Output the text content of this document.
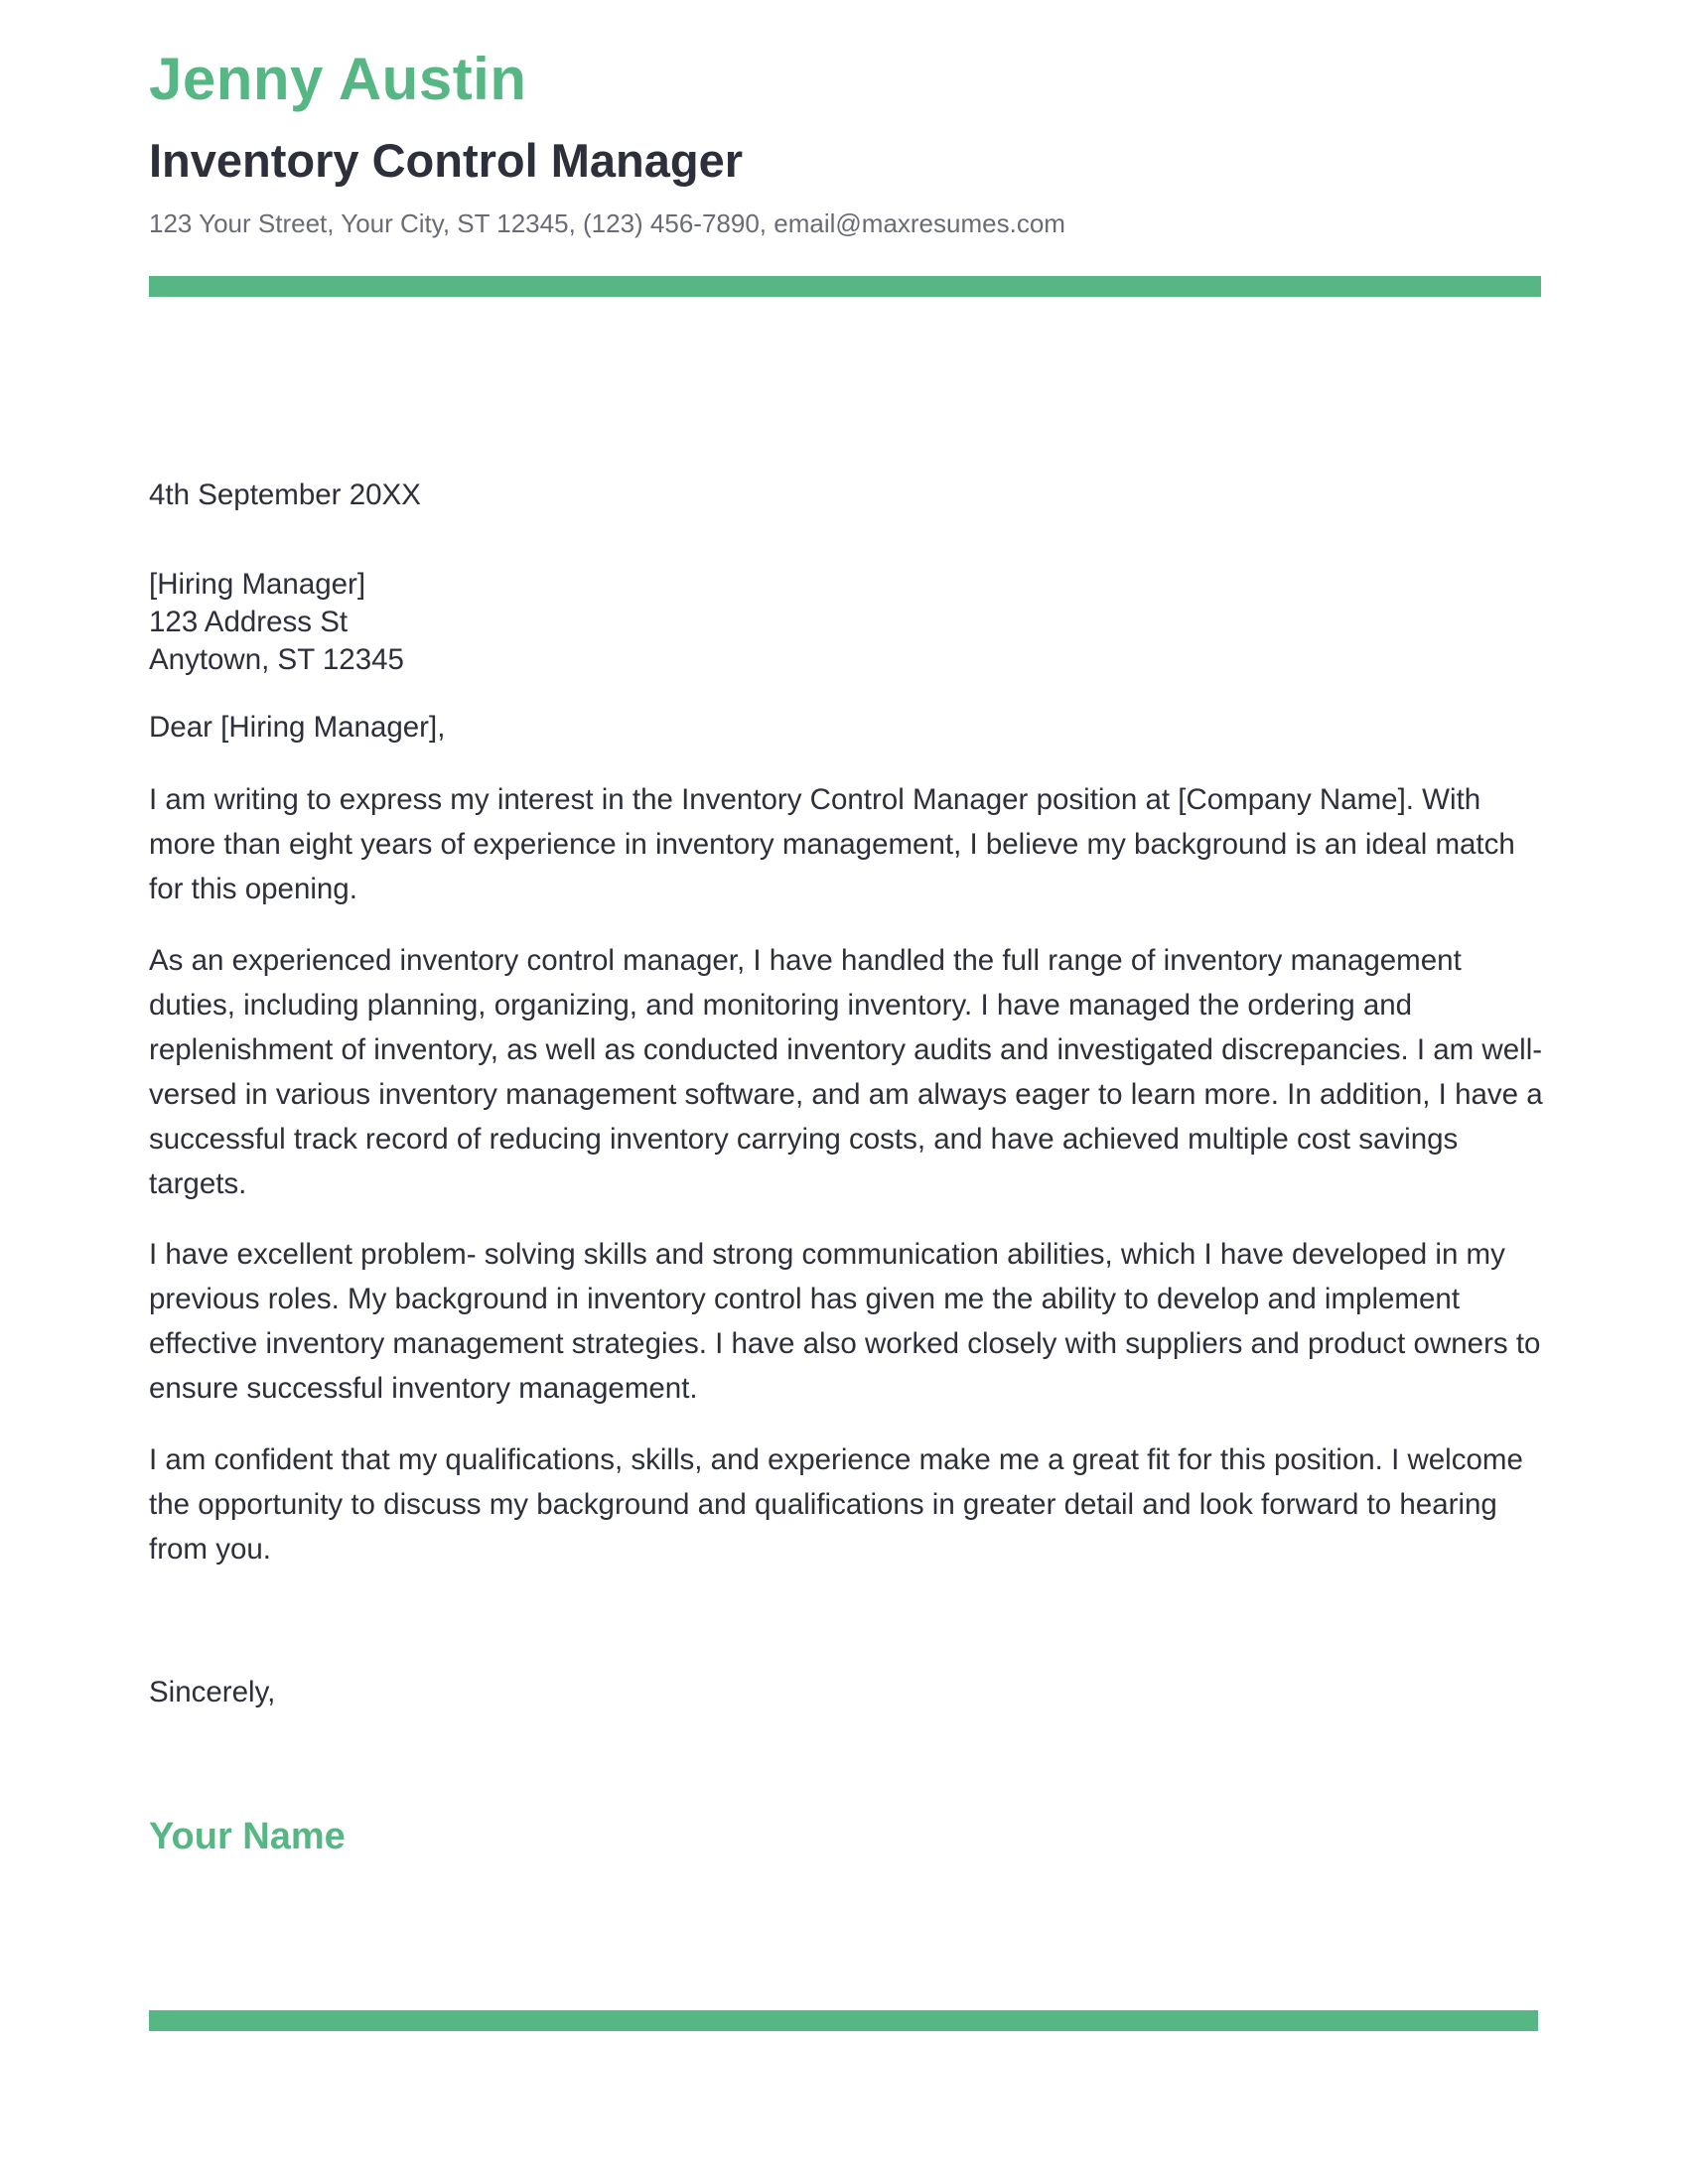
Jenny Austin
Inventory Control Manager
123 Your Street, Your City, ST 12345, (123) 456-7890, email@maxresumes.com
4th September 20XX
[Hiring Manager]
123 Address St
Anytown, ST 12345
Dear [Hiring Manager],

I am writing to express my interest in the Inventory Control Manager position at [Company Name]. With more than eight years of experience in inventory management, I believe my background is an ideal match for this opening.

As an experienced inventory control manager, I have handled the full range of inventory management duties, including planning, organizing, and monitoring inventory. I have managed the ordering and replenishment of inventory, as well as conducted inventory audits and investigated discrepancies. I am well- versed in various inventory management software, and am always eager to learn more. In addition, I have a successful track record of reducing inventory carrying costs, and have achieved multiple cost savings targets.

I have excellent problem- solving skills and strong communication abilities, which I have developed in my previous roles. My background in inventory control has given me the ability to develop and implement effective inventory management strategies. I have also worked closely with suppliers and product owners to ensure successful inventory management.

I am confident that my qualifications, skills, and experience make me a great fit for this position. I welcome the opportunity to discuss my background and qualifications in greater detail and look forward to hearing from you.

Sincerely,
Your Name
